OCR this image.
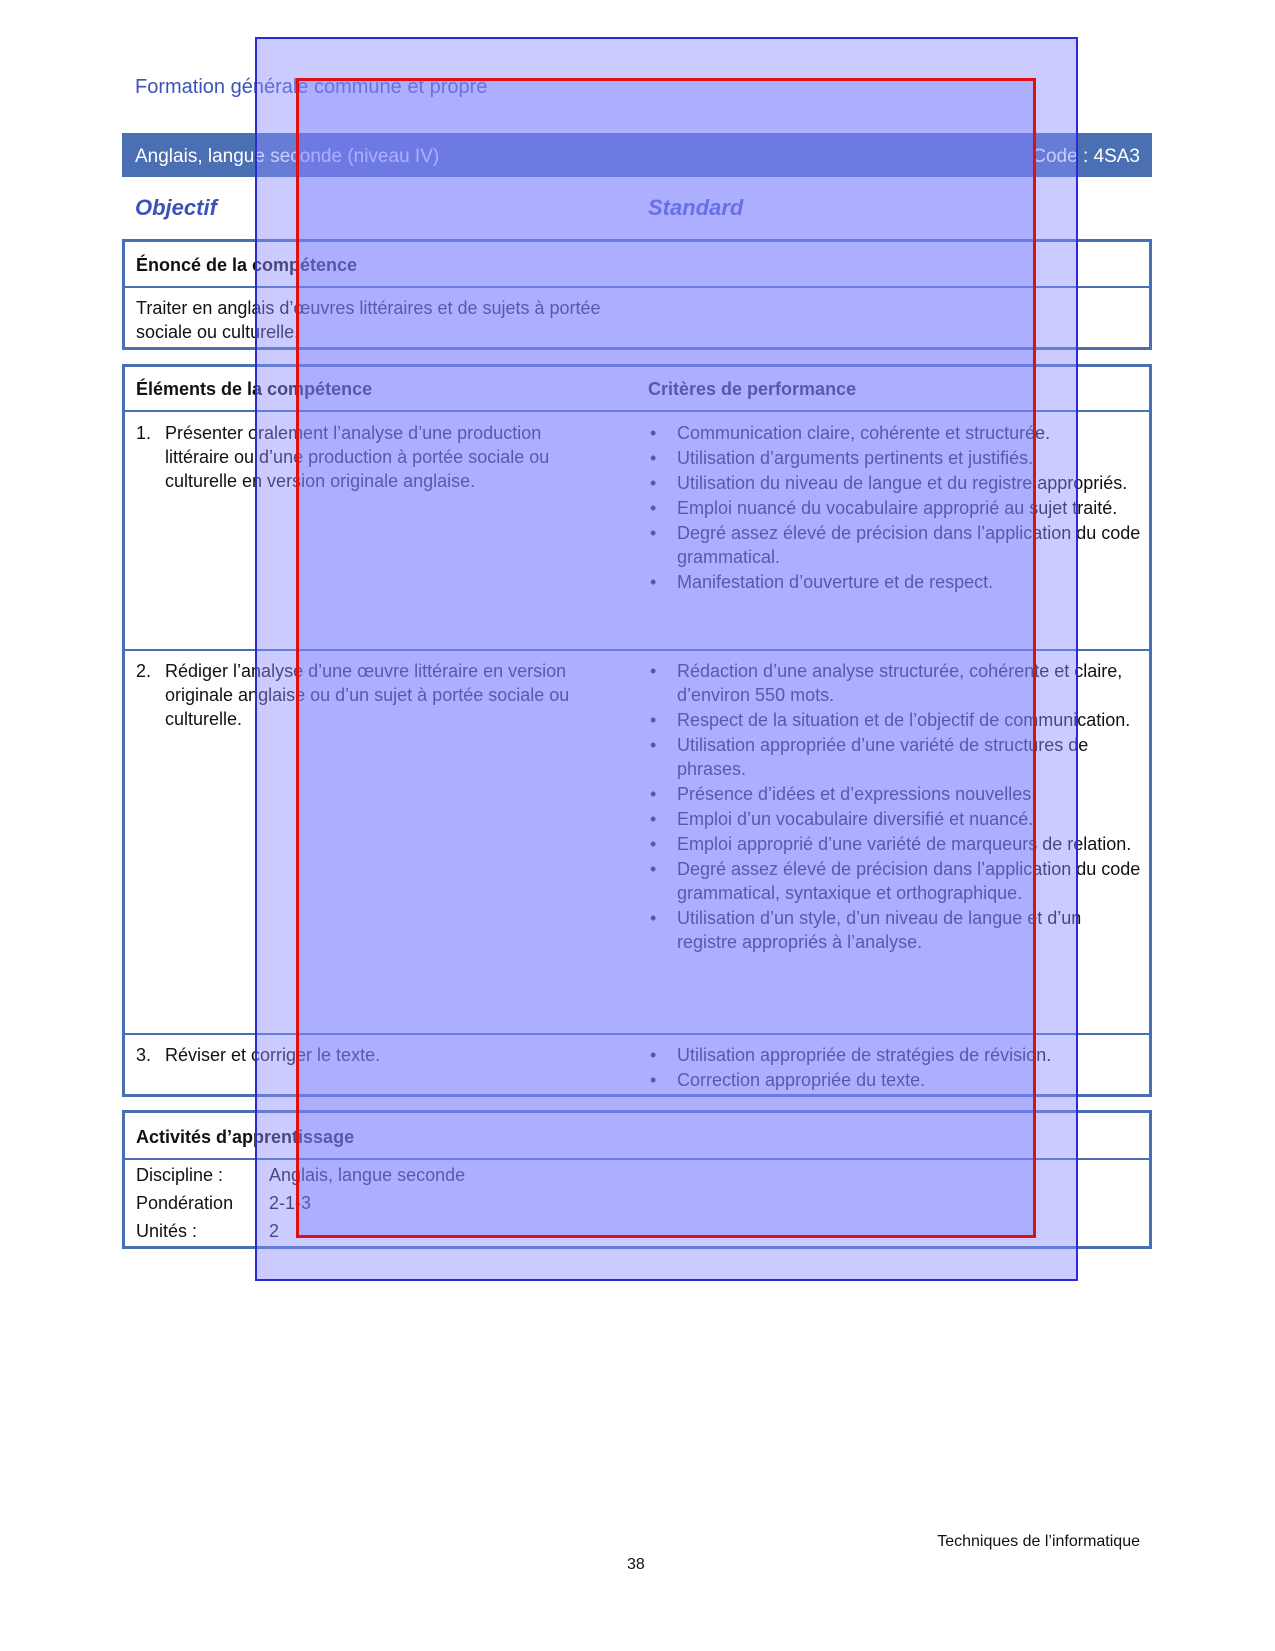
Formation générale commune et propre
Anglais, langue seconde (niveau IV)	Code : 4SA3
Objectif	Standard
Énoncé de la compétence
Traiter en anglais d’œuvres littéraires et de sujets à portée sociale ou culturelle.
Éléments de la compétence	Critères de performance
1. Présenter oralement l’analyse d’une production littéraire ou d’une production à portée sociale ou culturelle en version originale anglaise.
• Communication claire, cohérente et structurée.
• Utilisation d’arguments pertinents et justifiés.
• Utilisation du niveau de langue et du registre appropriés.
• Emploi nuancé du vocabulaire approprié au sujet traité.
• Degré assez élevé de précision dans l’application du code grammatical.
• Manifestation d’ouverture et de respect.
2. Rédiger l’analyse d’une œuvre littéraire en version originale anglaise ou d’un sujet à portée sociale ou culturelle.
• Rédaction d’une analyse structurée, cohérente et claire, d’environ 550 mots.
• Respect de la situation et de l’objectif de communication.
• Utilisation appropriée d’une variété de structures de phrases.
• Présence d’idées et d’expressions nouvelles.
• Emploi d’un vocabulaire diversifié et nuancé.
• Emploi approprié d’une variété de marqueurs de relation.
• Degré assez élevé de précision dans l’application du code grammatical, syntaxique et orthographique.
• Utilisation d’un style, d’un niveau de langue et d’un registre appropriés à l’analyse.
3. Réviser et corriger le texte.
•	Utilisation appropriée de stratégies de révision.
• Correction appropriée du texte.
Activités d’apprentissage
Discipline :	Anglais, langue seconde
Pondération 2-1-3
Unités :	2
Techniques de l’informatique
38
